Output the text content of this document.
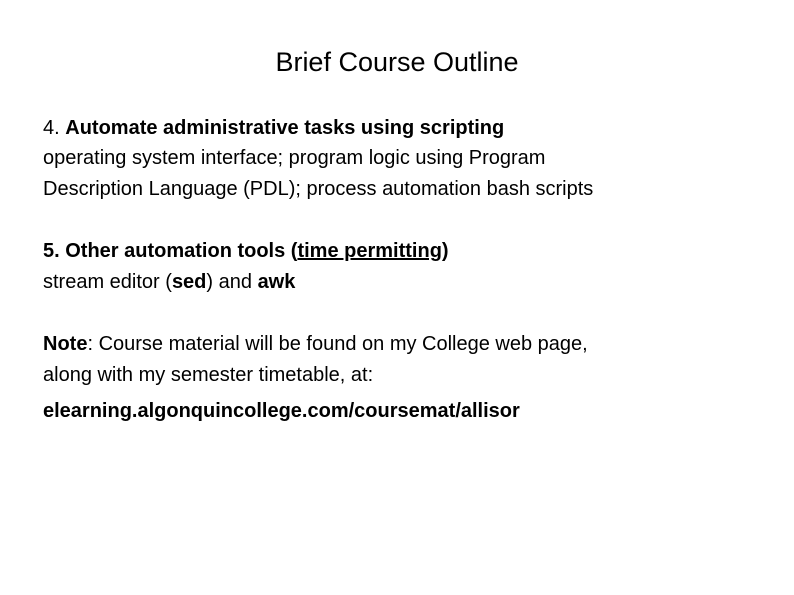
Brief Course Outline
4. Automate administrative tasks using scripting
operating system interface; program logic using Program
Description Language (PDL); process automation bash scripts
5. Other automation tools (time permitting)
stream editor (sed) and awk
Note: Course material will be found on my College web page,
along with my semester timetable, at:
elearning.algonquincollege.com/coursemat/allisor
